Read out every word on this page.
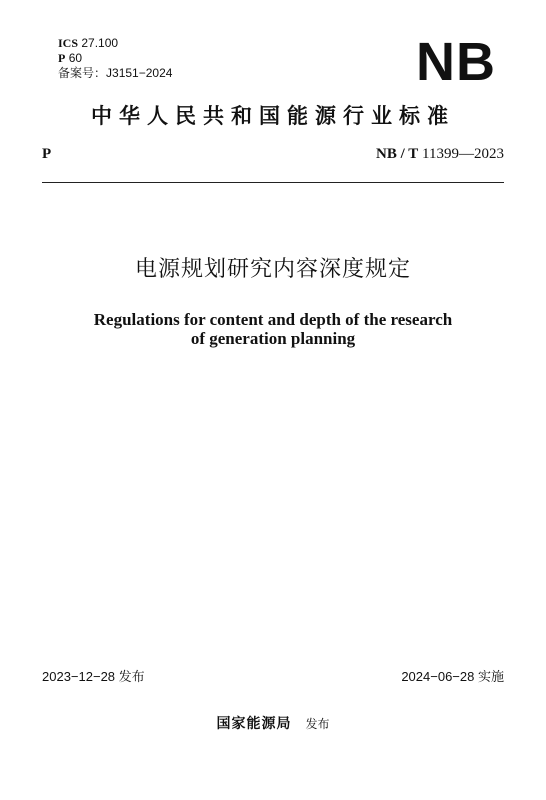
ICS 27.100
P 60
备案号：J3151−2024	NB
中华人民共和国能源行业标准
P	NB / T 11399—2023
电源规划研究内容深度规定
Regulations for content and depth of the research
of generation planning
2023−12−28 发布	2024−06−28 实施
国家能源局 发布
